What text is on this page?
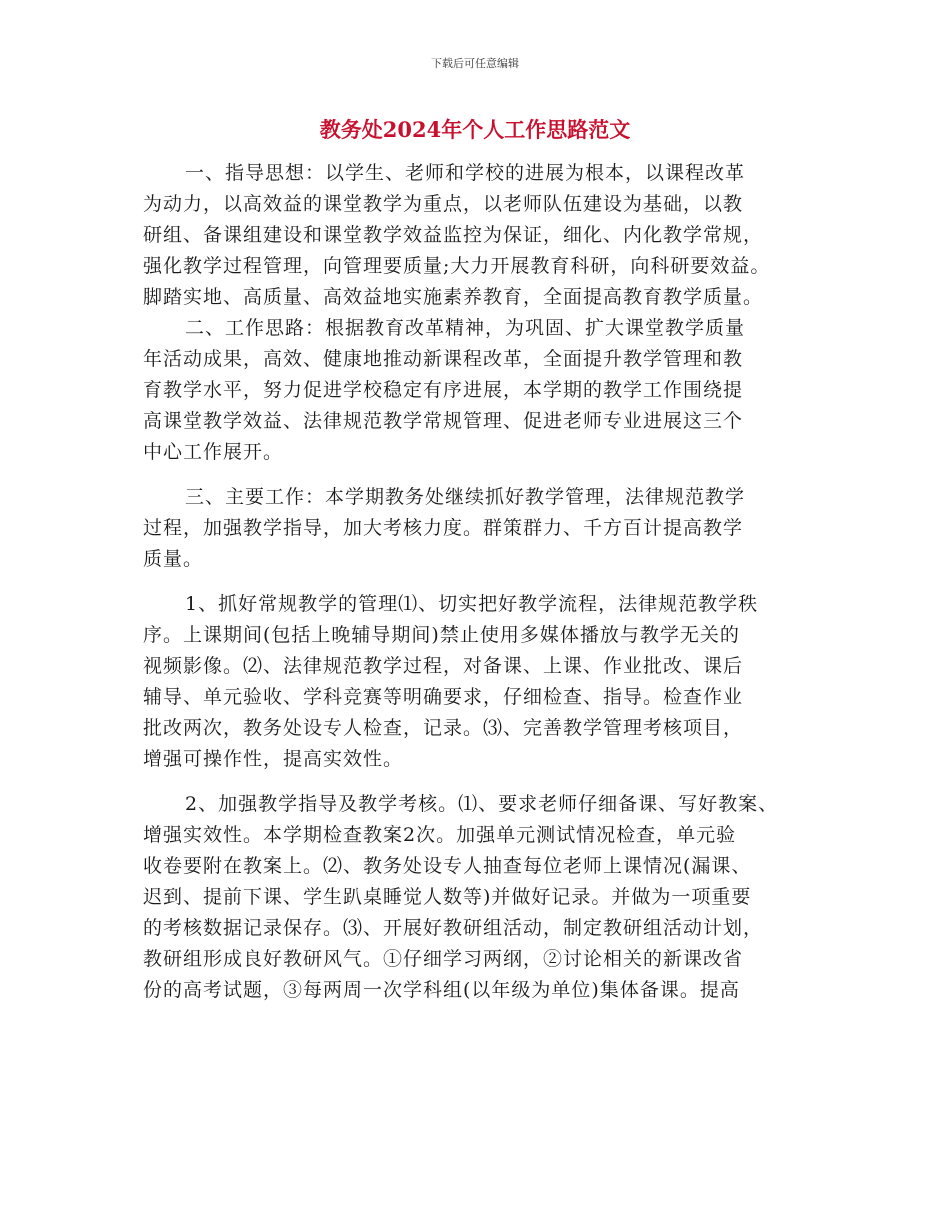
下载后可任意编辑
教务处2024年个人工作思路范文
一、指导思想：以学生、老师和学校的进展为根本，以课程改革
为动力，以高效益的课堂教学为重点，以老师队伍建设为基础，以教
研组、备课组建设和课堂教学效益监控为保证，细化、内化教学常规，
强化教学过程管理，向管理要质量;大力开展教育科研，向科研要效益。
脚踏实地、高质量、高效益地实施素养教育，全面提高教育教学质量。
二、工作思路：根据教育改革精神，为巩固、扩大课堂教学质量
年活动成果，高效、健康地推动新课程改革，全面提升教学管理和教
育教学水平，努力促进学校稳定有序进展，本学期的教学工作围绕提
高课堂教学效益、法律规范教学常规管理、促进老师专业进展这三个
中心工作展开。
三、主要工作：本学期教务处继续抓好教学管理，法律规范教学
过程，加强教学指导，加大考核力度。群策群力、千方百计提高教学
质量。
1、抓好常规教学的管理⑴、切实把好教学流程，法律规范教学秩
序。上课期间(包括上晚辅导期间)禁止使用多媒体播放与教学无关的
视频影像。⑵、法律规范教学过程，对备课、上课、作业批改、课后
辅导、单元验收、学科竞赛等明确要求，仔细检查、指导。检查作业
批改两次，教务处设专人检查，记录。⑶、完善教学管理考核项目，
增强可操作性，提高实效性。
2、加强教学指导及教学考核。⑴、要求老师仔细备课、写好教案、
增强实效性。本学期检查教案2次。加强单元测试情况检查，单元验
收卷要附在教案上。⑵、教务处设专人抽查每位老师上课情况(漏课、
迟到、提前下课、学生趴桌睡觉人数等)并做好记录。并做为一项重要
的考核数据记录保存。⑶、开展好教研组活动，制定教研组活动计划，
教研组形成良好教研风气。①仔细学习两纲，②讨论相关的新课改省
份的高考试题，③每两周一次学科组(以年级为单位)集体备课。提高
